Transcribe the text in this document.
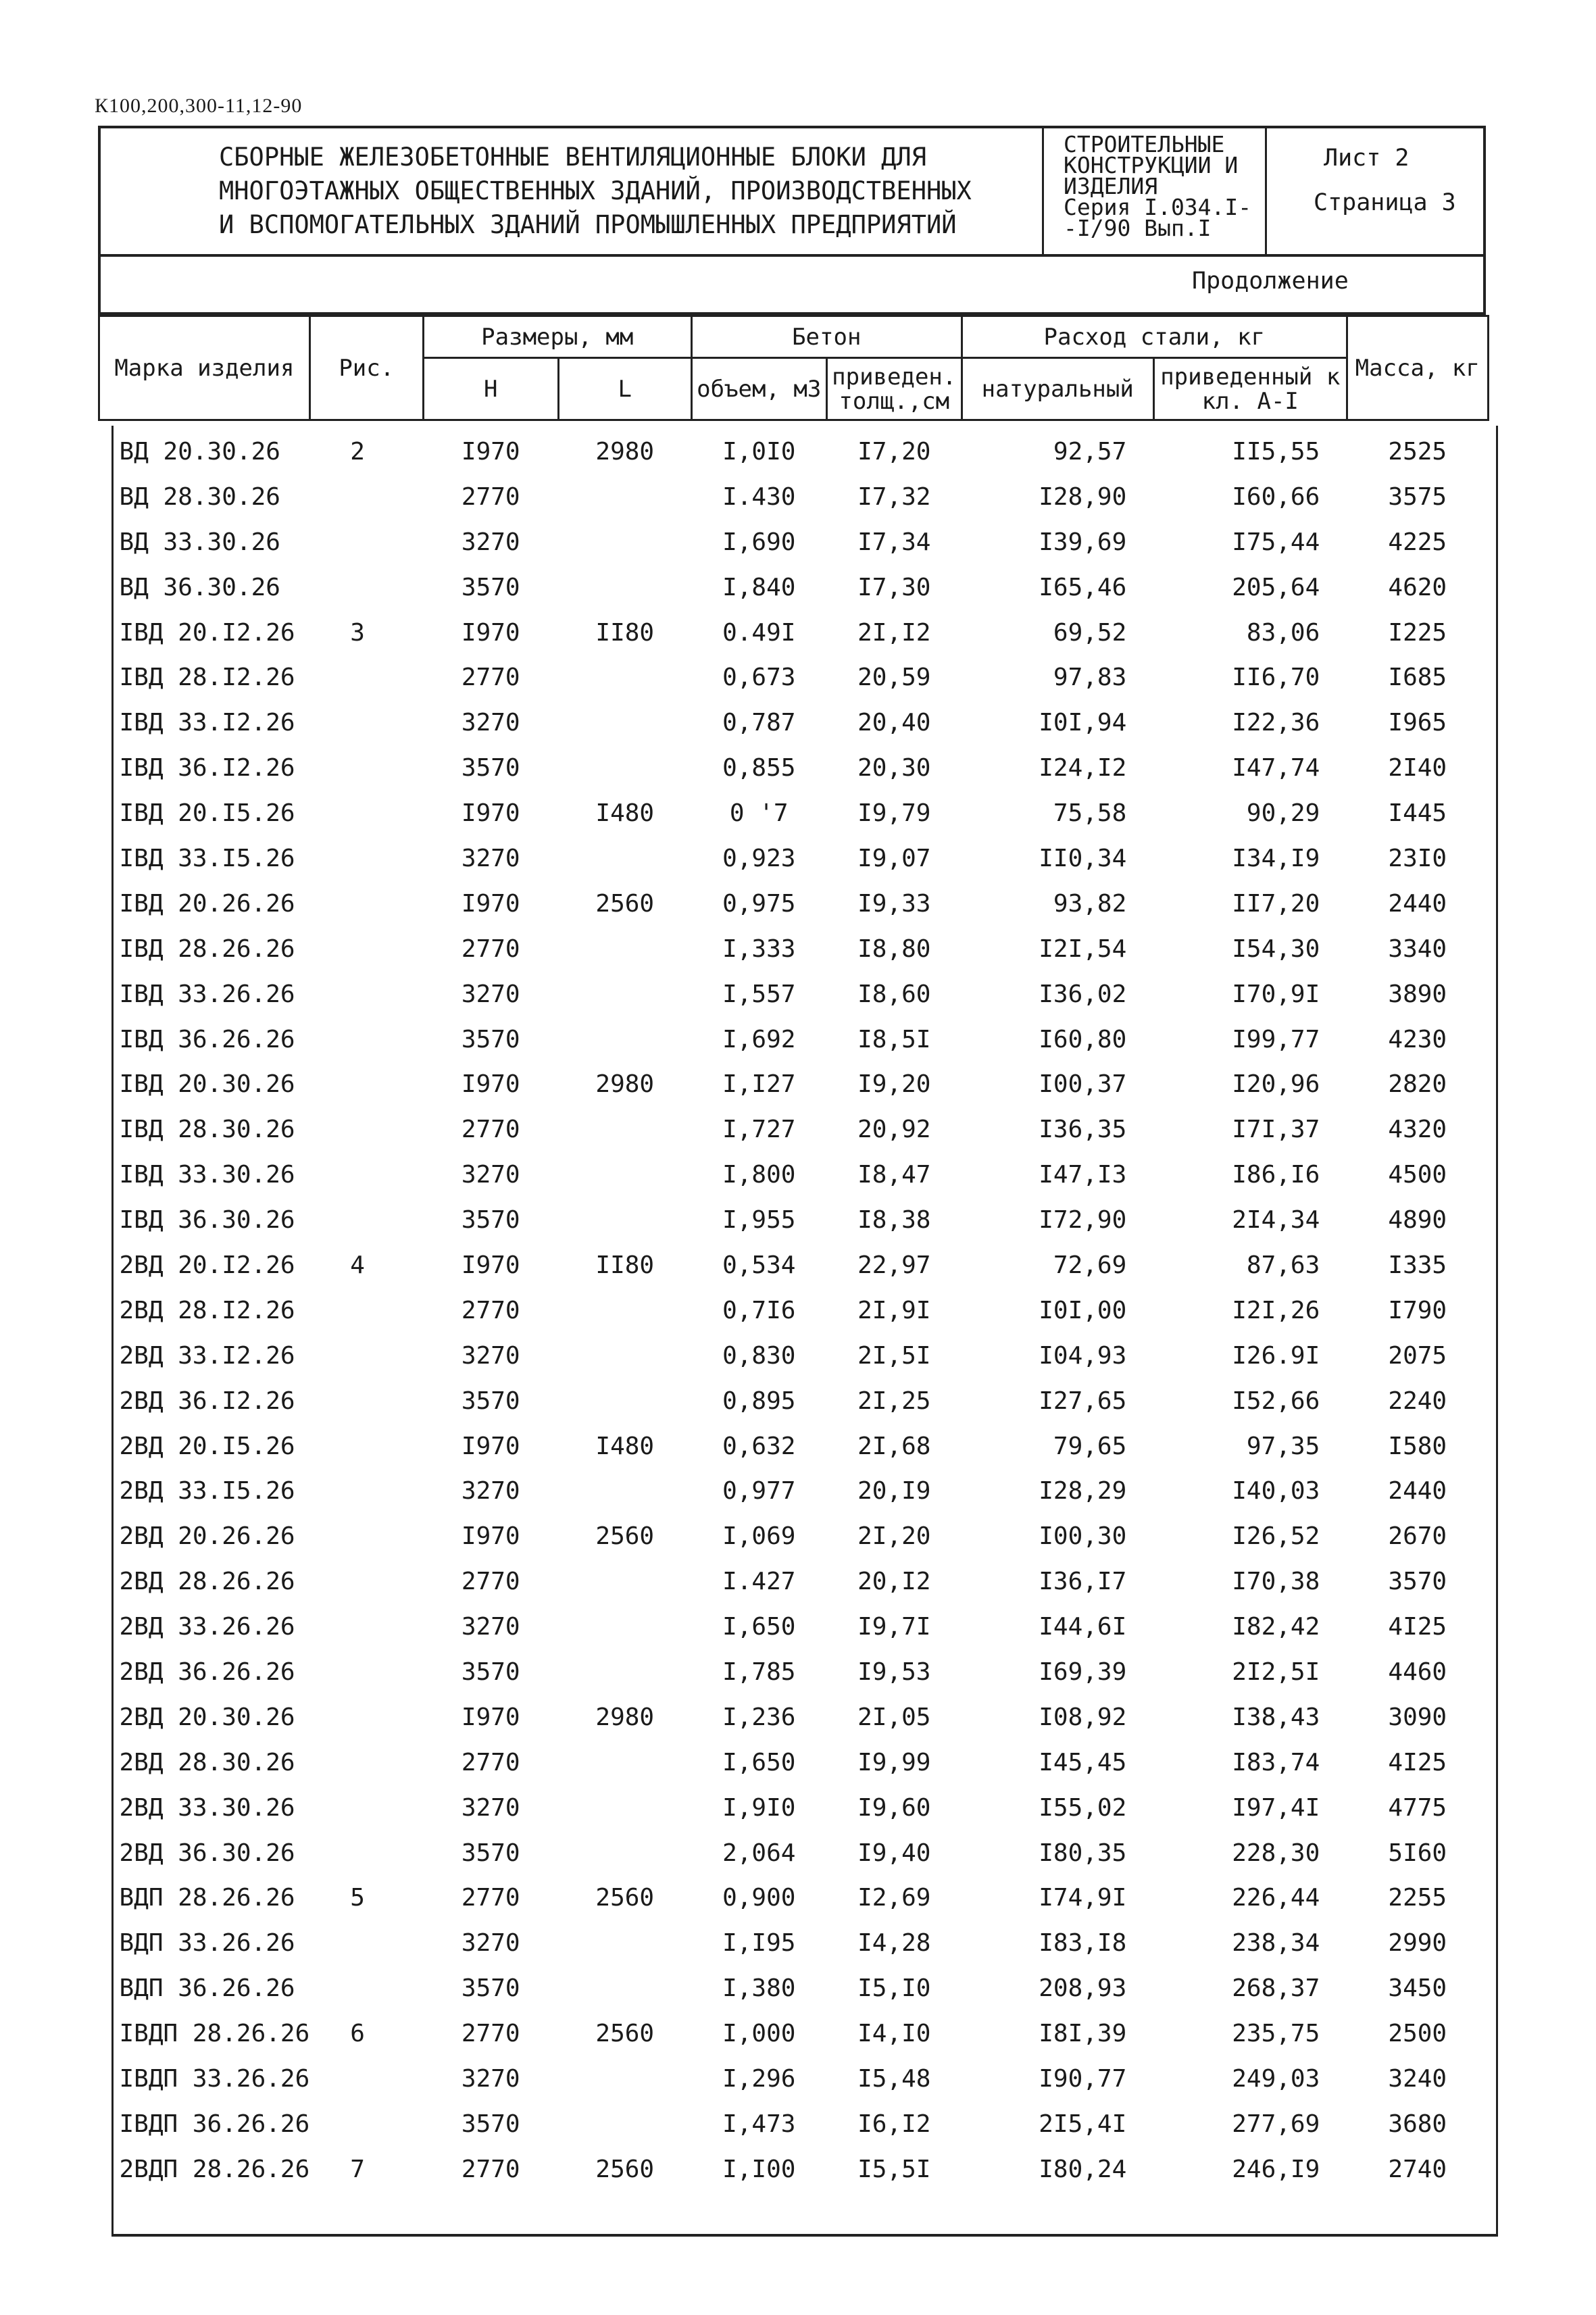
К100,200,300-11,12-90
СБОРНЫЕ ЖЕЛЕЗОБЕТОННЫЕ ВЕНТИЛЯЦИОННЫЕ БЛОКИ ДЛЯ
МНОГОЭТАЖНЫХ ОБЩЕСТВЕННЫХ ЗДАНИЙ, ПРОИЗВОДСТВЕННЫХ
И ВСПОМОГАТЕЛЬНЫХ ЗДАНИЙ ПРОМЫШЛЕННЫХ ПРЕДПРИЯТИЙ
СТРОИТЕЛЬНЫЕ
КОНСТРУКЦИИ И
ИЗДЕЛИЯ
Серия I.034.I-
-I/90 Вып.I
Лист 2
Страница 3
Продолжение
Марка изделия	Рис.	Размеры, мм		Бетон		Расход стали, кг		Масса, кг
		H	L	объем, м3	приведен. толщ.,см	натуральный	приведенный к кл. А-I	
ВД 20.30.26	2	I970	2980	I,0I0	I7,20	92,57	II5,55	2525
ВД 28.30.26		2770		I.430	I7,32	I28,90	I60,66	3575
ВД 33.30.26		3270		I,690	I7,34	I39,69	I75,44	4225
ВД 36.30.26		3570		I,840	I7,30	I65,46	205,64	4620
IВД 20.I2.26	3	I970	II80	0.49I	2I,I2	69,52	83,06	I225
IВД 28.I2.26		2770		0,673	20,59	97,83	II6,70	I685
IВД 33.I2.26		3270		0,787	20,40	I0I,94	I22,36	I965
IВД 36.I2.26		3570		0,855	20,30	I24,I2	I47,74	2I40
IВД 20.I5.26		I970	I480	0 '7	I9,79	75,58	90,29	I445
IВД 33.I5.26		3270		0,923	I9,07	II0,34	I34,I9	23I0
IВД 20.26.26		I970	2560	0,975	I9,33	93,82	II7,20	2440
IВД 28.26.26		2770		I,333	I8,80	I2I,54	I54,30	3340
IВД 33.26.26		3270		I,557	I8,60	I36,02	I70,9I	3890
IВД 36.26.26		3570		I,692	I8,5I	I60,80	I99,77	4230
IВД 20.30.26		I970	2980	I,I27	I9,20	I00,37	I20,96	2820
IВД 28.30.26		2770		I,727	20,92	I36,35	I7I,37	4320
IВД 33.30.26		3270		I,800	I8,47	I47,I3	I86,I6	4500
IВД 36.30.26		3570		I,955	I8,38	I72,90	2I4,34	4890
2ВД 20.I2.26	4	I970	II80	0,534	22,97	72,69	87,63	I335
2ВД 28.I2.26		2770		0,7I6	2I,9I	I0I,00	I2I,26	I790
2ВД 33.I2.26		3270		0,830	2I,5I	I04,93	I26.9I	2075
2ВД 36.I2.26		3570		0,895	2I,25	I27,65	I52,66	2240
2ВД 20.I5.26		I970	I480	0,632	2I,68	79,65	97,35	I580
2ВД 33.I5.26		3270		0,977	20,I9	I28,29	I40,03	2440
2ВД 20.26.26		I970	2560	I,069	2I,20	I00,30	I26,52	2670
2ВД 28.26.26		2770		I.427	20,I2	I36,I7	I70,38	3570
2ВД 33.26.26		3270		I,650	I9,7I	I44,6I	I82,42	4I25
2ВД 36.26.26		3570		I,785	I9,53	I69,39	2I2,5I	4460
2ВД 20.30.26		I970	2980	I,236	2I,05	I08,92	I38,43	3090
2ВД 28.30.26		2770		I,650	I9,99	I45,45	I83,74	4I25
2ВД 33.30.26		3270		I,9I0	I9,60	I55,02	I97,4I	4775
2ВД 36.30.26		3570		2,064	I9,40	I80,35	228,30	5I60
ВДП 28.26.26	5	2770	2560	0,900	I2,69	I74,9I	226,44	2255
ВДП 33.26.26		3270		I,I95	I4,28	I83,I8	238,34	2990
ВДП 36.26.26		3570		I,380	I5,I0	208,93	268,37	3450
IВДП 28.26.26	6	2770	2560	I,000	I4,I0	I8I,39	235,75	2500
IВДП 33.26.26		3270		I,296	I5,48	I90,77	249,03	3240
IВДП 36.26.26		3570		I,473	I6,I2	2I5,4I	277,69	3680
2ВДП 28.26.26	7	2770	2560	I,I00	I5,5I	I80,24	246,I9	2740
